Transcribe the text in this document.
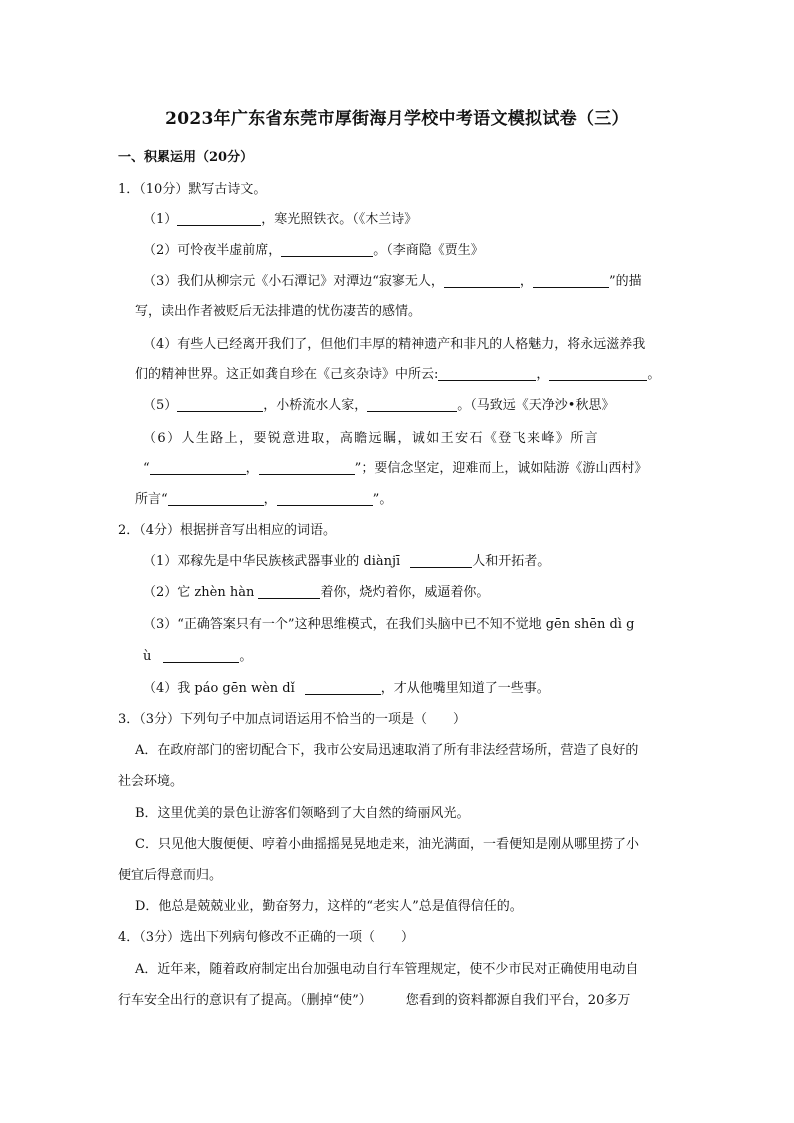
2023年广东省东莞市厚街海月学校中考语文模拟试卷（三）
一、积累运用（20分）
1．（10分）默写古诗文。
（1）	，寒光照铁衣。（《木兰诗》
（2）可怜夜半虚前席，	。（李商隐《贾生》
（3）我们从柳宗元《小石潭记》对潭边“寂寥无人，	，	”的描
写，读出作者被贬后无法排遣的忧伤凄苦的感情。
（4）有些人已经离开我们了，但他们丰厚的精神遗产和非凡的人格魅力，将永远滋养我
们的精神世界。这正如龚自珍在《己亥杂诗》中所云:	，	。
（5）	，小桥流水人家，	。（马致远《天净沙•秋思》
（6）人生路上，要锐意进取，高瞻远瞩，诚如王安石《登飞来峰》所言
“	，	”；要信念坚定，迎难而上，诚如陆游《游山西村》
所言“	，	”。
2．（4分）根据拼音写出相应的词语。
（1）邓稼先是中华民族核武器事业的 diànjī	人和开拓者。
（2）它 zhèn hàn	着你，烧灼着你，威逼着你。
（3）“正确答案只有一个”这种思维模式，在我们头脑中已不知不觉地 gēn shēn dì g
ù	。
（4）我 páo gēn wèn dǐ	，才从他嘴里知道了一些事。
3．（3分）下列句子中加点词语运用不恰当的一项是（　　）
A．在政府部门的密切配合下，我市公安局迅速取消了所有非法经营场所，营造了良好的
社会环境。
B．这里优美的景色让游客们领略到了大自然的绮丽风光。
C．只见他大腹便便、哼着小曲摇摇晃晃地走来，油光满面，一看便知是刚从哪里捞了小
便宜后得意而归。
D．他总是兢兢业业，勤奋努力，这样的“老实人”总是值得信任的。
4．（3分）选出下列病句修改不正确的一项（　　）
A．近年来，随着政府制定出台加强电动自行车管理规定，使不少市民对正确使用电动自
行车安全出行的意识有了提高。（删掉“使”）	您看到的资料都源自我们平台，20多万
